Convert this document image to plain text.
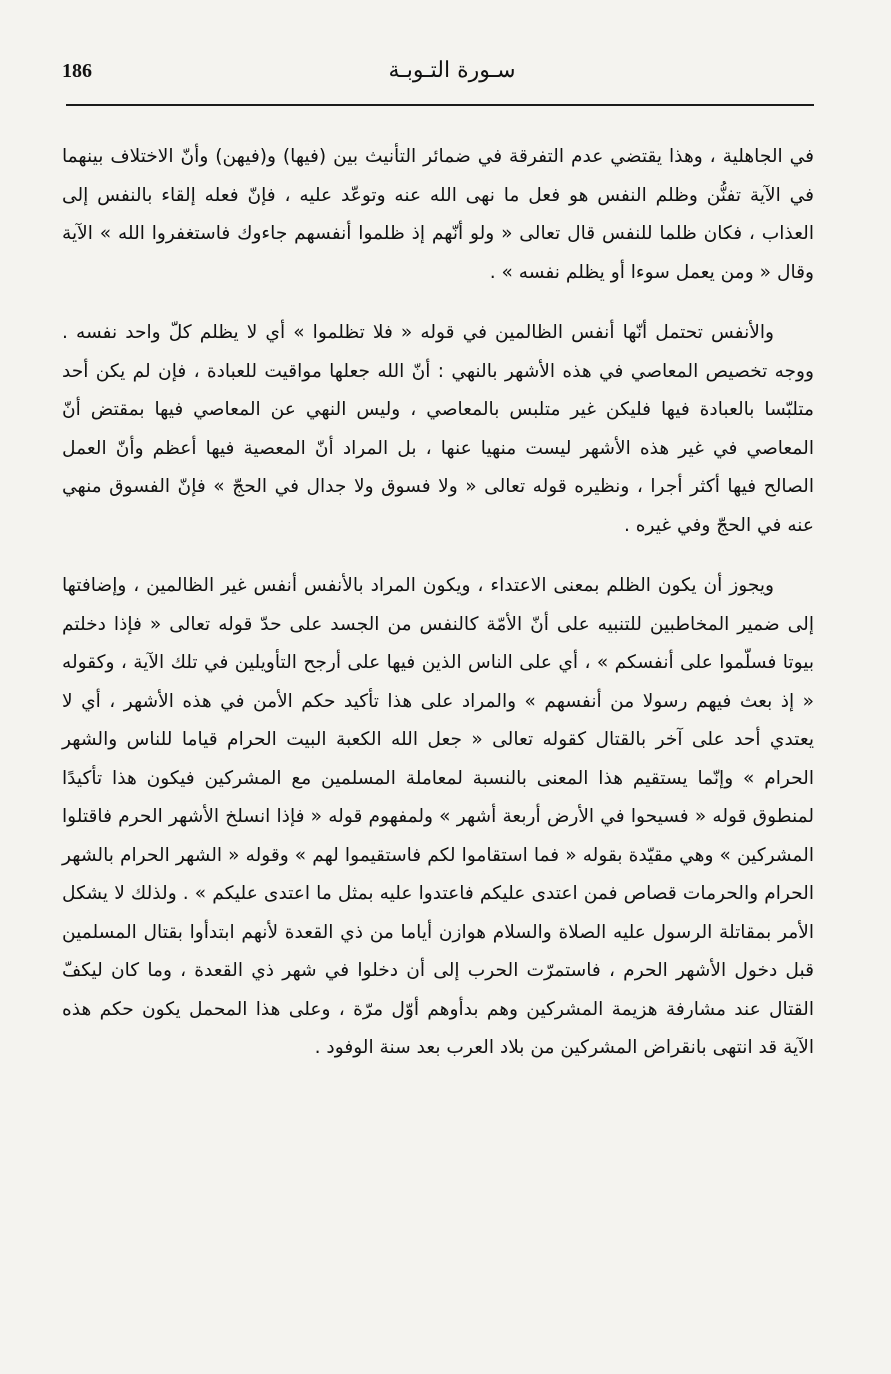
186	سـورة التـوبـة

في الجاهلية ، وهذا يقتضي عدم التفرقة في ضمائر التأنيث بين (فيها) و(فيهن) وأنّ الاختلاف بينهما في الآية تفنُّن وظلم النفس هو فعل ما نهى الله عنه وتوعّد عليه ، فإنّ فعله إلقاء بالنفس إلى العذاب ، فكان ظلما للنفس قال تعالى « ولو أنّهم إذ ظلموا أنفسهم جاءوك فاستغفروا الله » الآية وقال « ومن يعمل سوءا أو يظلم نفسه » .

والأنفس تحتمل أنّها أنفس الظالمين في قوله « فلا تظلموا » أي لا يظلم كلّ واحد نفسه . ووجه تخصيص المعاصي في هذه الأشهر بالنهي : أنّ الله جعلها مواقيت للعبادة ، فإن لم يكن أحد متلبّسا بالعبادة فيها فليكن غير متلبس بالمعاصي ، وليس النهي عن المعاصي فيها بمقتض أنّ المعاصي في غير هذه الأشهر ليست منهيا عنها ، بل المراد أنّ المعصية فيها أعظم وأنّ العمل الصالح فيها أكثر أجرا ، ونظيره قوله تعالى « ولا فسوق ولا جدال في الحجّ » فإنّ الفسوق منهي عنه في الحجّ وفي غيره .

ويجوز أن يكون الظلم بمعنى الاعتداء ، ويكون المراد بالأنفس أنفس غير الظالمين ، وإضافتها إلى ضمير المخاطبين للتنبيه على أنّ الأمّة كالنفس من الجسد على حدّ قوله تعالى « فإذا دخلتم بيوتا فسلّموا على أنفسكم » ، أي على الناس الذين فيها على أرجح التأويلين في تلك الآية ، وكقوله « إذ بعث فيهم رسولا من أنفسهم » والمراد على هذا تأكيد حكم الأمن في هذه الأشهر ، أي لا يعتدي أحد على آخر بالقتال كقوله تعالى « جعل الله الكعبة البيت الحرام قياما للناس والشهر الحرام » وإنّما يستقيم هذا المعنى بالنسبة لمعاملة المسلمين مع المشركين فيكون هذا تأكيدًا لمنطوق قوله « فسيحوا في الأرض أربعة أشهر » ولمفهوم قوله « فإذا انسلخ الأشهر الحرم فاقتلوا المشركين » وهي مقيّدة بقوله « فما استقاموا لكم فاستقيموا لهم » وقوله « الشهر الحرام بالشهر الحرام والحرمات قصاص فمن اعتدى عليكم فاعتدوا عليه بمثل ما اعتدى عليكم » . ولذلك لا يشكل الأمر بمقاتلة الرسول عليه الصلاة والسلام هوازن أياما من ذي القعدة لأنهم ابتدأوا بقتال المسلمين قبل دخول الأشهر الحرم ، فاستمرّت الحرب إلى أن دخلوا في شهر ذي القعدة ، وما كان ليكفّ القتال عند مشارفة هزيمة المشركين وهم بدأوهم أوّل مرّة ، وعلى هذا المحمل يكون حكم هذه الآية قد انتهى بانقراض المشركين من بلاد العرب بعد سنة الوفود .
